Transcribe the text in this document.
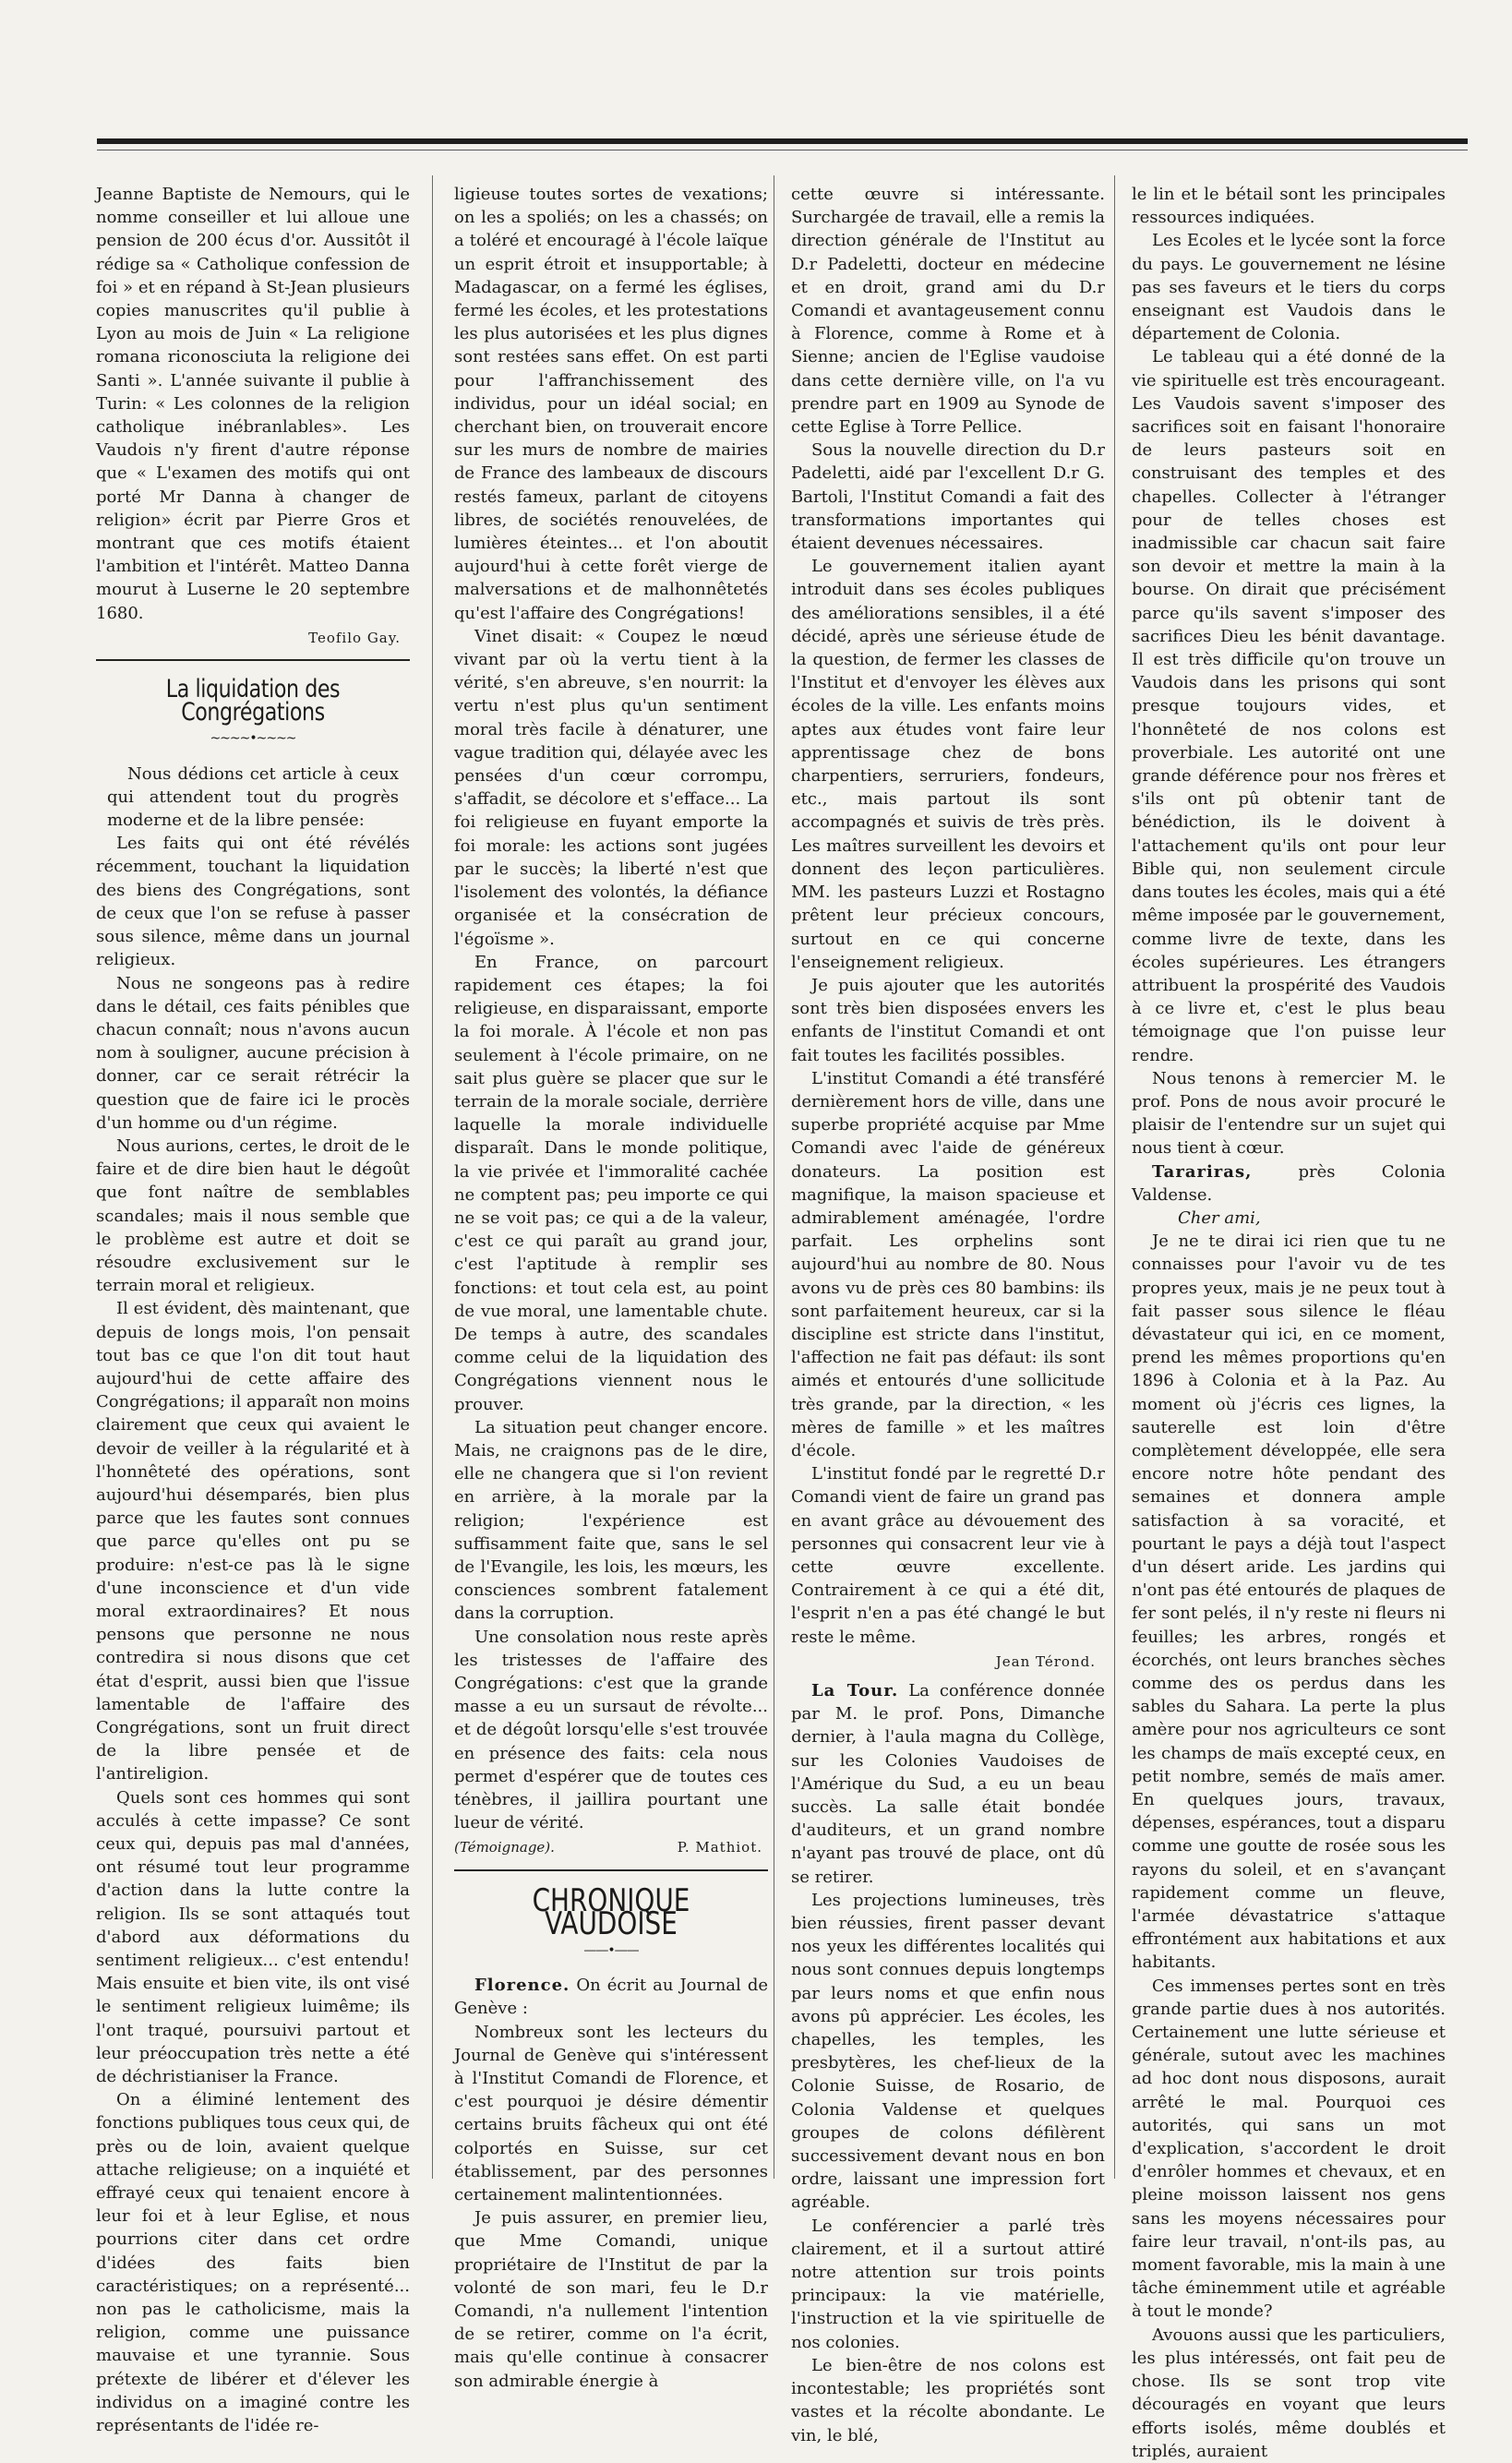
Jeanne Baptiste de Nemours, qui le nomme conseiller et lui alloue une pension de 200 écus d'or. Aussitôt il rédige sa « Catholique confession de foi » et en répand à St-Jean plusieurs copies manuscrites qu'il publie à Lyon au mois de Juin « La religione romana riconosciuta la religione dei Santi ». L'année suivante il publie à Turin: « Les colonnes de la religion catholique inébranlables». Les Vaudois n'y firent d'autre réponse que « L'examen des motifs qui ont porté Mr Danna à changer de religion» écrit par Pierre Gros et montrant que ces motifs étaient l'ambition et l'intérêt. Matteo Danna mourut à Luserne le 20 septembre 1680.

Teofilo Gay.
La liquidation des Congrégations
~~~~•~~~~

Nous dédions cet article à ceux qui attendent tout du progrès moderne et de la libre pensée:

Les faits qui ont été révélés récemment, touchant la liquidation des biens des Congrégations, sont de ceux que l'on se refuse à passer sous silence, même dans un journal religieux.

Nous ne songeons pas à redire dans le détail, ces faits pénibles que chacun connaît; nous n'avons aucun nom à souligner, aucune précision à donner, car ce serait rétrécir la question que de faire ici le procès d'un homme ou d'un régime.

Nous aurions, certes, le droit de le faire et de dire bien haut le dégoût que font naître de semblables scandales; mais il nous semble que le problème est autre et doit se résoudre exclusivement sur le terrain moral et religieux.

Il est évident, dès maintenant, que depuis de longs mois, l'on pensait tout bas ce que l'on dit tout haut aujourd'hui de cette affaire des Congrégations; il apparaît non moins clairement que ceux qui avaient le devoir de veiller à la régularité et à l'honnêteté des opérations, sont aujourd'hui désemparés, bien plus parce que les fautes sont connues que parce qu'elles ont pu se produire: n'est-ce pas là le signe d'une inconscience et d'un vide moral extraordinaires? Et nous pensons que personne ne nous contredira si nous disons que cet état d'esprit, aussi bien que l'issue lamentable de l'affaire des Congrégations, sont un fruit direct de la libre pensée et de l'antireligion.

Quels sont ces hommes qui sont acculés à cette impasse? Ce sont ceux qui, depuis pas mal d'années, ont résumé tout leur programme d'action dans la lutte contre la religion. Ils se sont attaqués tout d'abord aux déformations du sentiment religieux... c'est entendu! Mais ensuite et bien vite, ils ont visé le sentiment religieux luimême; ils l'ont traqué, poursuivi partout et leur préoccupation très nette a été de déchristianiser la France.

On a éliminé lentement des fonctions publiques tous ceux qui, de près ou de loin, avaient quelque attache religieuse; on a inquiété et effrayé ceux qui tenaient encore à leur foi et à leur Eglise, et nous pourrions citer dans cet ordre d'idées des faits bien caractéristiques; on a représenté... non pas le catholicisme, mais la religion, comme une puissance mauvaise et une tyrannie. Sous prétexte de libérer et d'élever les individus on a imaginé contre les représentants de l'idée re-

ligieuse toutes sortes de vexations; on les a spoliés; on les a chassés; on a toléré et encouragé à l'école laïque un esprit étroit et insupportable; à Madagascar, on a fermé les églises, fermé les écoles, et les protestations les plus autorisées et les plus dignes sont restées sans effet. On est parti pour l'affranchissement des individus, pour un idéal social; en cherchant bien, on trouverait encore sur les murs de nombre de mairies de France des lambeaux de discours restés fameux, parlant de citoyens libres, de sociétés renouvelées, de lumières éteintes... et l'on aboutit aujourd'hui à cette forêt vierge de malversations et de malhonnêtetés qu'est l'affaire des Congrégations!

Vinet disait: « Coupez le nœud vivant par où la vertu tient à la vérité, s'en abreuve, s'en nourrit: la vertu n'est plus qu'un sentiment moral très facile à dénaturer, une vague tradition qui, délayée avec les pensées d'un cœur corrompu, s'affadit, se décolore et s'efface... La foi religieuse en fuyant emporte la foi morale: les actions sont jugées par le succès; la liberté n'est que l'isolement des volontés, la défiance organisée et la consécration de l'égoïsme ».

En France, on parcourt rapidement ces étapes; la foi religieuse, en disparaissant, emporte la foi morale. À l'école et non pas seulement à l'école primaire, on ne sait plus guère se placer que sur le terrain de la morale sociale, derrière laquelle la morale individuelle disparaît. Dans le monde politique, la vie privée et l'immoralité cachée ne comptent pas; peu importe ce qui ne se voit pas; ce qui a de la valeur, c'est ce qui paraît au grand jour, c'est l'aptitude à remplir ses fonctions: et tout cela est, au point de vue moral, une lamentable chute. De temps à autre, des scandales comme celui de la liquidation des Congrégations viennent nous le prouver.

La situation peut changer encore. Mais, ne craignons pas de le dire, elle ne changera que si l'on revient en arrière, à la morale par la religion; l'expérience est suffisamment faite que, sans le sel de l'Evangile, les lois, les mœurs, les consciences sombrent fatalement dans la corruption.

Une consolation nous reste après les tristesses de l'affaire des Congrégations: c'est que la grande masse a eu un sursaut de révolte... et de dégoût lorsqu'elle s'est trouvée en présence des faits: cela nous permet d'espérer que de toutes ces ténèbres, il jaillira pourtant une lueur de vérité.

(Témoignage).	P. Mathiot.
CHRONIQUE VAUDOISE
——•——

Florence. On écrit au Journal de Genève :

Nombreux sont les lecteurs du Journal de Genève qui s'intéressent à l'Institut Comandi de Florence, et c'est pourquoi je désire démentir certains bruits fâcheux qui ont été colportés en Suisse, sur cet établissement, par des personnes certainement malintentionnées.

Je puis assurer, en premier lieu, que Mme Comandi, unique propriétaire de l'Institut de par la volonté de son mari, feu le D.r Comandi, n'a nullement l'intention de se retirer, comme on l'a écrit, mais qu'elle continue à consacrer son admirable énergie à

cette œuvre si intéressante. Surchargée de travail, elle a remis la direction générale de l'Institut au D.r Padeletti, docteur en médecine et en droit, grand ami du D.r Comandi et avantageusement connu à Florence, comme à Rome et à Sienne; ancien de l'Eglise vaudoise dans cette dernière ville, on l'a vu prendre part en 1909 au Synode de cette Eglise à Torre Pellice.

Sous la nouvelle direction du D.r Padeletti, aidé par l'excellent D.r G. Bartoli, l'Institut Comandi a fait des transformations importantes qui étaient devenues nécessaires.

Le gouvernement italien ayant introduit dans ses écoles publiques des améliorations sensibles, il a été décidé, après une sérieuse étude de la question, de fermer les classes de l'Institut et d'envoyer les élèves aux écoles de la ville. Les enfants moins aptes aux études vont faire leur apprentissage chez de bons charpentiers, serruriers, fondeurs, etc., mais partout ils sont accompagnés et suivis de très près. Les maîtres surveillent les devoirs et donnent des leçon particulières. MM. les pasteurs Luzzi et Rostagno prêtent leur précieux concours, surtout en ce qui concerne l'enseignement religieux.

Je puis ajouter que les autorités sont très bien disposées envers les enfants de l'institut Comandi et ont fait toutes les facilités possibles.

L'institut Comandi a été transféré dernièrement hors de ville, dans une superbe propriété acquise par Mme Comandi avec l'aide de généreux donateurs. La position est magnifique, la maison spacieuse et admirablement aménagée, l'ordre parfait. Les orphelins sont aujourd'hui au nombre de 80. Nous avons vu de près ces 80 bambins: ils sont parfaitement heureux, car si la discipline est stricte dans l'institut, l'affection ne fait pas défaut: ils sont aimés et entourés d'une sollicitude très grande, par la direction, « les mères de famille » et les maîtres d'école.

L'institut fondé par le regretté D.r Comandi vient de faire un grand pas en avant grâce au dévouement des personnes qui consacrent leur vie à cette œuvre excellente. Contrairement à ce qui a été dit, l'esprit n'en a pas été changé le but reste le même.

Jean Térond.

La Tour. La conférence donnée par M. le prof. Pons, Dimanche dernier, à l'aula magna du Collège, sur les Colonies Vaudoises de l'Amérique du Sud, a eu un beau succès. La salle était bondée d'auditeurs, et un grand nombre n'ayant pas trouvé de place, ont dû se retirer.

Les projections lumineuses, très bien réussies, firent passer devant nos yeux les différentes localités qui nous sont connues depuis longtemps par leurs noms et que enfin nous avons pû apprécier. Les écoles, les chapelles, les temples, les presbytères, les chef-lieux de la Colonie Suisse, de Rosario, de Colonia Valdense et quelques groupes de colons défilèrent successivement devant nous en bon ordre, laissant une impression fort agréable.

Le conférencier a parlé très clairement, et il a surtout attiré notre attention sur trois points principaux: la vie matérielle, l'instruction et la vie spirituelle de nos colonies.

Le bien-être de nos colons est incontestable; les propriétés sont vastes et la récolte abondante. Le vin, le blé,

le lin et le bétail sont les principales ressources indiquées.

Les Ecoles et le lycée sont la force du pays. Le gouvernement ne lésine pas ses faveurs et le tiers du corps enseignant est Vaudois dans le département de Colonia.

Le tableau qui a été donné de la vie spirituelle est très encourageant. Les Vaudois savent s'imposer des sacrifices soit en faisant l'honoraire de leurs pasteurs soit en construisant des temples et des chapelles. Collecter à l'étranger pour de telles choses est inadmissible car chacun sait faire son devoir et mettre la main à la bourse. On dirait que précisément parce qu'ils savent s'imposer des sacrifices Dieu les bénit davantage. Il est très difficile qu'on trouve un Vaudois dans les prisons qui sont presque toujours vides, et l'honnêteté de nos colons est proverbiale. Les autorité ont une grande déférence pour nos frères et s'ils ont pû obtenir tant de bénédiction, ils le doivent à l'attachement qu'ils ont pour leur Bible qui, non seulement circule dans toutes les écoles, mais qui a été même imposée par le gouvernement, comme livre de texte, dans les écoles supérieures. Les étrangers attribuent la prospérité des Vaudois à ce livre et, c'est le plus beau témoignage que l'on puisse leur rendre.

Nous tenons à remercier M. le prof. Pons de nous avoir procuré le plaisir de l'entendre sur un sujet qui nous tient à cœur.

Tarariras, près Colonia Valdense.

Cher ami,

Je ne te dirai ici rien que tu ne connaisses pour l'avoir vu de tes propres yeux, mais je ne peux tout à fait passer sous silence le fléau dévastateur qui ici, en ce moment, prend les mêmes proportions qu'en 1896 à Colonia et à la Paz. Au moment où j'écris ces lignes, la sauterelle est loin d'être complètement développée, elle sera encore notre hôte pendant des semaines et donnera ample satisfaction à sa voracité, et pourtant le pays a déjà tout l'aspect d'un désert aride. Les jardins qui n'ont pas été entourés de plaques de fer sont pelés, il n'y reste ni fleurs ni feuilles; les arbres, rongés et écorchés, ont leurs branches sèches comme des os perdus dans les sables du Sahara. La perte la plus amère pour nos agriculteurs ce sont les champs de maïs excepté ceux, en petit nombre, semés de maïs amer. En quelques jours, travaux, dépenses, espérances, tout a disparu comme une goutte de rosée sous les rayons du soleil, et en s'avançant rapidement comme un fleuve, l'armée dévastatrice s'attaque effrontément aux habitations et aux habitants.

Ces immenses pertes sont en très grande partie dues à nos autorités. Certainement une lutte sérieuse et générale, sutout avec les machines ad hoc dont nous disposons, aurait arrêté le mal. Pourquoi ces autorités, qui sans un mot d'explication, s'accordent le droit d'enrôler hommes et chevaux, et en pleine moisson laissent nos gens sans les moyens nécessaires pour faire leur travail, n'ont-ils pas, au moment favorable, mis la main à une tâche éminemment utile et agréable à tout le monde?

Avouons aussi que les particuliers, les plus intéressés, ont fait peu de chose. Ils se sont trop vite découragés en voyant que leurs efforts isolés, même doublés et triplés, auraient
